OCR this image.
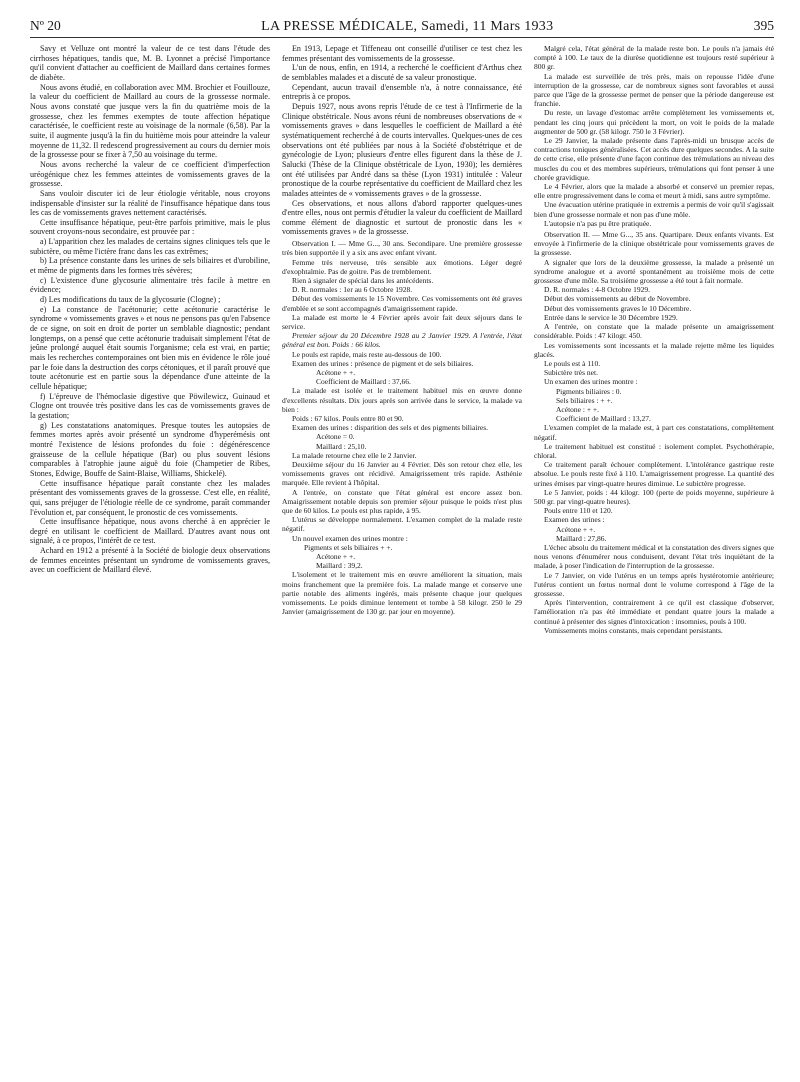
Nº 20	LA PRESSE MÉDICALE, Samedi, 11 Mars 1933	395

Savy et Velluze ont montré la valeur de ce test dans l'étude des cirrhoses hépatiques, tandis que, M. B. Lyonnet a précisé l'importance qu'il convient d'attacher au coefficient de Maillard dans certaines formes de diabète.

Nous avons étudié, en collaboration avec MM. Brochier et Fouillouze, la valeur du coefficient de Maillard au cours de la grossesse normale. Nous avons constaté que jusque vers la fin du quatrième mois de la grossesse, chez les femmes exemptes de toute affection hépatique caractérisée, le coefficient reste au voisinage de la normale (6,58). Par la suite, il augmente jusqu'à la fin du huitième mois pour atteindre la valeur moyenne de 11,32. Il redescend progressivement au cours du dernier mois de la grossesse pour se fixer à 7,50 au voisinage du terme.

Nous avons recherché la valeur de ce coefficient d'imperfection uréogénique chez les femmes atteintes de vomissements graves de la grossesse.

Sans vouloir discuter ici de leur étiologie véritable, nous croyons indispensable d'insister sur la réalité de l'insuffisance hépatique dans tous les cas de vomissements graves nettement caractérisés.

Cette insuffisance hépatique, peut-être parfois primitive, mais le plus souvent croyons-nous secondaire, est prouvée par :

a) L'apparition chez les malades de certains signes cliniques tels que le subictère, ou même l'ictère franc dans les cas extrêmes;

b) La présence constante dans les urines de sels biliaires et d'urobiline, et même de pigments dans les formes très sévères;

c) L'existence d'une glycosurie alimentaire très facile à mettre en évidence;

d) Les modifications du taux de la glycosurie (Clogne) ;

e) La constance de l'acétonurie; cette acétonurie caractérise le syndrome « vomissements graves » et nous ne pensons pas qu'en l'absence de ce signe, on soit en droit de porter un semblable diagnostic; pendant longtemps, on a pensé que cette acétonurie traduisait simplement l'état de jeûne prolongé auquel était soumis l'organisme; cela est vrai, en partie; mais les recherches contemporaines ont bien mis en évidence le rôle joué par le foie dans la destruction des corps cétoniques, et il paraît prouvé que toute acétonurie est en partie sous la dépendance d'une atteinte de la cellule hépatique;

f) L'épreuve de l'hémoclasie digestive que Pöwilewicz, Guinaud et Clogne ont trouvée très positive dans les cas de vomissements graves de la gestation;

g) Les constatations anatomiques. Presque toutes les autopsies de femmes mortes après avoir présenté un syndrome d'hyperémésis ont montré l'existence de lésions profondes du foie : dégénérescence graisseuse de la cellule hépatique (Bar) ou plus souvent lésions comparables à l'atrophie jaune aiguë du foie (Champetier de Ribes, Stones, Edwige, Bouffe de Saint-Blaise, Williams, Shickelé).

Cette insuffisance hépatique paraît constante chez les malades présentant des vomissements graves de la grossesse. C'est elle, en réalité, qui, sans préjuger de l'étiologie réelle de ce syndrome, paraît commander l'évolution et, par conséquent, le pronostic de ces vomissements.

Cette insuffisance hépatique, nous avons cherché à en apprécier le degré en utilisant le coefficient de Maillard. D'autres avant nous ont signalé, à ce propos, l'intérêt de ce test.

Achard en 1912 a présenté à la Société de biologie deux observations de femmes enceintes présentant un syndrome de vomissements graves, avec un coefficient de Maillard élevé.

En 1913, Lepage et Tiffeneau ont conseillé d'utiliser ce test chez les femmes présentant des vomissements de la grossesse.

L'un de nous, enfin, en 1914, a recherché le coefficient d'Arthus chez de semblables malades et a discuté de sa valeur pronostique.

Cependant, aucun travail d'ensemble n'a, à notre connaissance, été entrepris à ce propos.

Depuis 1927, nous avons repris l'étude de ce test à l'Infirmerie de la Clinique obstétricale. Nous avons réuni de nombreuses observations de « vomissements graves » dans lesquelles le coefficient de Maillard a été systématiquement recherché à de courts intervalles. Quelques-unes de ces observations ont été publiées par nous à la Société d'obstétrique et de gynécologie de Lyon; plusieurs d'entre elles figurent dans la thèse de J. Salucki (Thèse de la Clinique obstétricale de Lyon, 1930); les dernières ont été utilisées par André dans sa thèse (Lyon 1931) intitulée : Valeur pronostique de la courbe représentative du coefficient de Maillard chez les malades atteintes de « vomissements graves » de la grossesse.

Ces observations, et nous allons d'abord rapporter quelques-unes d'entre elles, nous ont permis d'étudier la valeur du coefficient de Maillard comme élément de diagnostic et surtout de pronostic dans les « vomissements graves » de la grossesse.

Observation I. — Mme G..., 30 ans. Secondipare. Une première grossesse très bien supportée il y a six ans avec enfant vivant.

Femme très nerveuse, très sensible aux émotions. Léger degré d'exophtalmie. Pas de goitre. Pas de tremblement.

Rien à signaler de spécial dans les antécédents.

D. R. normales : 1er au 6 Octobre 1928.

Début des vomissements le 15 Novembre. Ces vomissements ont été graves d'emblée et se sont accompagnés d'amaigrissement rapide.

La malade est morte le 4 Février après avoir fait deux séjours dans le service.

Premier séjour du 20 Décembre 1928 au 2 Janvier 1929. A l'entrée, l'état général est bon. Poids : 66 kilos.

Le pouls est rapide, mais reste au-dessous de 100.

Examen des urines : présence de pigment et de sels biliaires.

Acétone + +.

Coefficient de Maillard : 37,66.

La malade est isolée et le traitement habituel mis en œuvre donne d'excellents résultats. Dix jours après son arrivée dans le service, la malade va bien :

Poids : 67 kilos. Pouls entre 80 et 90.

Examen des urines : disparition des sels et des pigments biliaires.

Acétone = 0.

Maillard : 25,10.

La malade retourne chez elle le 2 Janvier.

Deuxième séjour du 16 Janvier au 4 Février. Dès son retour chez elle, les vomissements graves ont récidivé. Amaigrissement très rapide. Asthénie marquée. Elle revient à l'hôpital.

A l'entrée, on constate que l'état général est encore assez bon. Amaigrissement notable depuis son premier séjour puisque le poids n'est plus que de 60 kilos. Le pouls est plus rapide, à 95.

L'utérus se développe normalement. L'examen complet de la malade reste négatif.

Un nouvel examen des urines montre :

Pigments et sels biliaires + +.

Acétone + +.

Maillard : 39,2.

L'isolement et le traitement mis en œuvre améliorent la situation, mais moins franchement que la première fois. La malade mange et conserve une partie notable des aliments ingérés, mais présente chaque jour quelques vomissements. Le poids diminue lentement et tombe à 58 kilogr. 250 le 29 Janvier (amaigrissement de 130 gr. par jour en moyenne).

Malgré cela, l'état général de la malade reste bon. Le pouls n'a jamais été compté à 100. Le taux de la diurèse quotidienne est toujours resté supérieur à 800 gr.

La malade est surveillée de très près, mais on repousse l'idée d'une interruption de la grossesse, car de nombreux signes sont favorables et aussi parce que l'âge de la grossesse permet de penser que la période dangereuse est franchie.

Du reste, un lavage d'estomac arrête complètement les vomissements et, pendant les cinq jours qui précèdent la mort, on voit le poids de la malade augmenter de 500 gr. (58 kilogr. 750 le 3 Février).

Le 29 Janvier, la malade présente dans l'après-midi un brusque accès de contractions toniques généralisées. Cet accès dure quelques secondes. A la suite de cette crise, elle présente d'une façon continue des trémulations au niveau des muscles du cou et des membres supérieurs, trémulations qui font penser à une chorée gravidique.

Le 4 Février, alors que la malade a absorbé et conservé un premier repas, elle entre progressivement dans le coma et meurt à midi, sans autre symptôme.

Une évacuation utérine pratiquée in extremis a permis de voir qu'il s'agissait bien d'une grossesse normale et non pas d'une môle.

L'autopsie n'a pas pu être pratiquée.

Observation II. — Mme G..., 35 ans. Quartipare. Deux enfants vivants. Est envoyée à l'infirmerie de la clinique obstétricale pour vomissements graves de la grossesse.

A signaler que lors de la deuxième grossesse, la malade a présenté un syndrome analogue et a avorté spontanément au troisième mois de cette grossesse d'une môle. Sa troisième grossesse a été tout à fait normale.

D. R. normales : 4-8 Octobre 1929.

Début des vomissements au début de Novembre.

Début des vomissements graves le 10 Décembre.

Entrée dans le service le 30 Décembre 1929.

A l'entrée, on constate que la malade présente un amaigrissement considérable. Poids : 47 kilogr. 450.

Les vomissements sont incessants et la malade rejette même les liquides glacés.

Le pouls est à 110.

Subictère très net.

Un examen des urines montre :

Pigments biliaires : 0.

Sels biliaires : + +.

Acétone : + +.

Coefficient de Maillard : 13,27.

L'examen complet de la malade est, à part ces constatations, complètement négatif.

Le traitement habituel est constitué : isolement complet. Psychothérapie, chloral.

Ce traitement paraît échouer complètement. L'intolérance gastrique reste absolue. Le pouls reste fixé à 110. L'amaigrissement progresse. La quantité des urines émises par vingt-quatre heures diminue. Le subictère progresse.

Le 5 Janvier, poids : 44 kilogr. 100 (perte de poids moyenne, supérieure à 500 gr. par vingt-quatre heures).

Pouls entre 110 et 120.

Examen des urines :

Acétone + +.

Maillard : 27,86.

L'échec absolu du traitement médical et la constatation des divers signes que nous venons d'énumérer nous conduisent, devant l'état très inquiétant de la malade, à poser l'indication de l'interruption de la grossesse.

Le 7 Janvier, on vide l'utérus en un temps après hystérotomie antérieure; l'utérus contient un fœtus normal dont le volume correspond à l'âge de la grossesse.

Après l'intervention, contrairement à ce qu'il est classique d'observer, l'amélioration n'a pas été immédiate et pendant quatre jours la malade a continué à présenter des signes d'intoxication : insomnies, pouls à 100.

Vomissements moins constants, mais cependant persistants.
